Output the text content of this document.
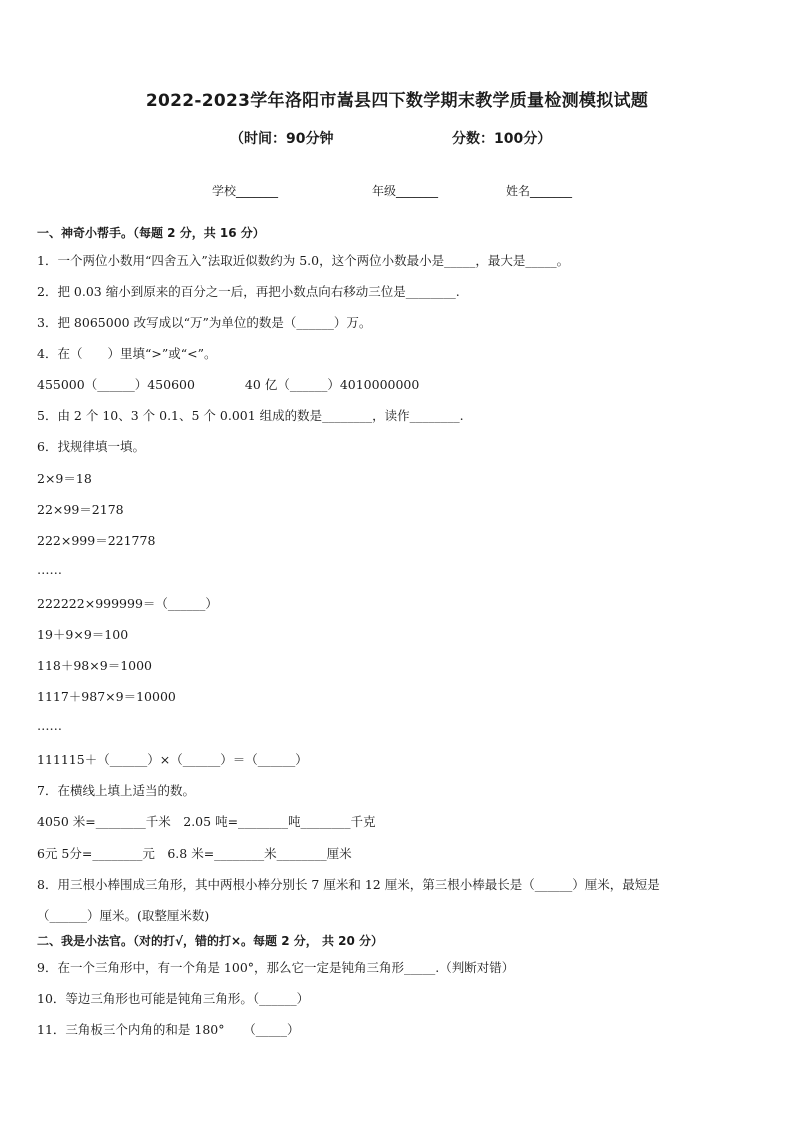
2022-2023学年洛阳市嵩县四下数学期末教学质量检测模拟试题
（时间：90分钟	分数：100分）
学校_______	年级_______	姓名_______
一、神奇小帮手。（每题 2 分，共 16 分）
1．一个两位小数用“四舍五入”法取近似数约为 5.0，这个两位小数最小是_____，最大是_____。
2．把 0.03 缩小到原来的百分之一后，再把小数点向右移动三位是________.
3．把 8065000 改写成以“万”为单位的数是（______）万。
4．在（　　）里填“>”或“<”。
455000（______）450600　　　　40 亿（______）4010000000
5．由 2 个 10、3 个 0.1、5 个 0.001 组成的数是________，读作________.
6．找规律填一填。
2×9＝18
22×99＝2178
222×999＝221778
……
222222×999999＝（______）
19＋9×9＝100
118＋98×9＝1000
1117＋987×9＝10000
……
111115＋（______）×（______）＝（______）
7．在横线上填上适当的数。
4050 米=________千米　2.05 吨=________吨________千克
6元 5分=________元　6.8 米=________米________厘米
8．用三根小棒围成三角形，其中两根小棒分别长 7 厘米和 12 厘米，第三根小棒最长是（______）厘米，最短是
（______）厘米。(取整厘米数)
二、我是小法官。（对的打√，错的打×。每题 2 分， 共 20 分）
9．在一个三角形中，有一个角是 100°，那么它一定是钝角三角形_____.（判断对错）
10．等边三角形也可能是钝角三角形。（______）
11．三角板三个内角的和是 180°　　（_____）
